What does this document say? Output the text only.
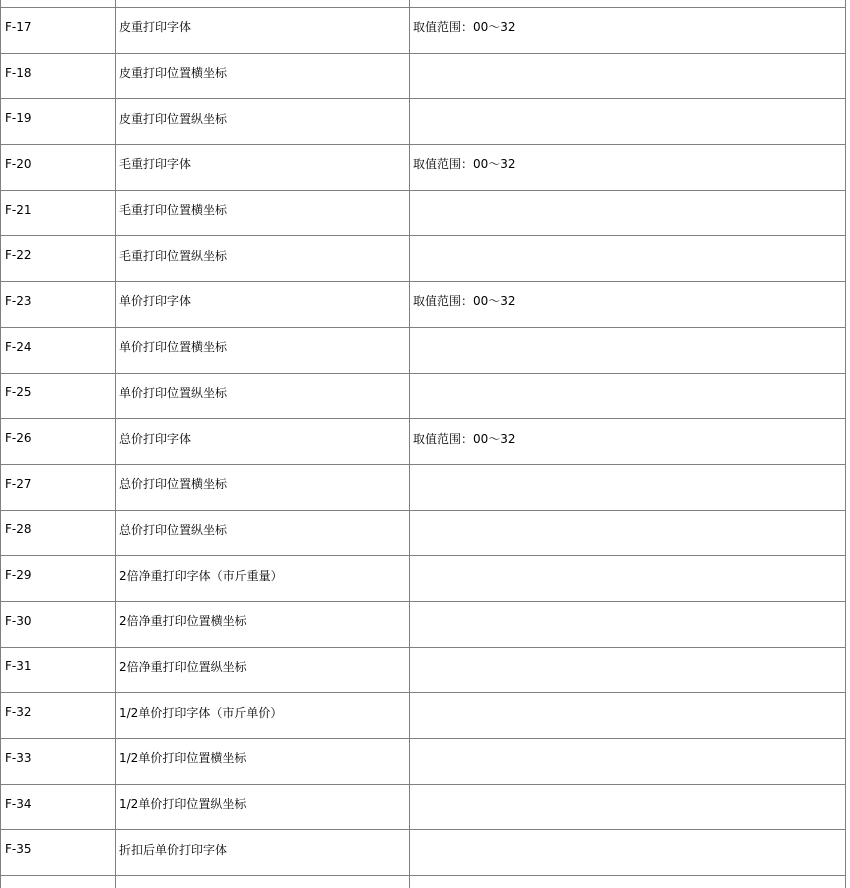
F-17	皮重打印字体	取值范围：00～32
F-18	皮重打印位置横坐标	
F-19	皮重打印位置纵坐标	
F-20	毛重打印字体	取值范围：00～32
F-21	毛重打印位置横坐标	
F-22	毛重打印位置纵坐标	
F-23	单价打印字体	取值范围：00～32
F-24	单价打印位置横坐标	
F-25	单价打印位置纵坐标	
F-26	总价打印字体	取值范围：00～32
F-27	总价打印位置横坐标	
F-28	总价打印位置纵坐标	
F-29	2倍净重打印字体（市斤重量）	
F-30	2倍净重打印位置横坐标	
F-31	2倍净重打印位置纵坐标	
F-32	1/2单价打印字体（市斤单价）	
F-33	1/2单价打印位置横坐标	
F-34	1/2单价打印位置纵坐标	
F-35	折扣后单价打印字体	
